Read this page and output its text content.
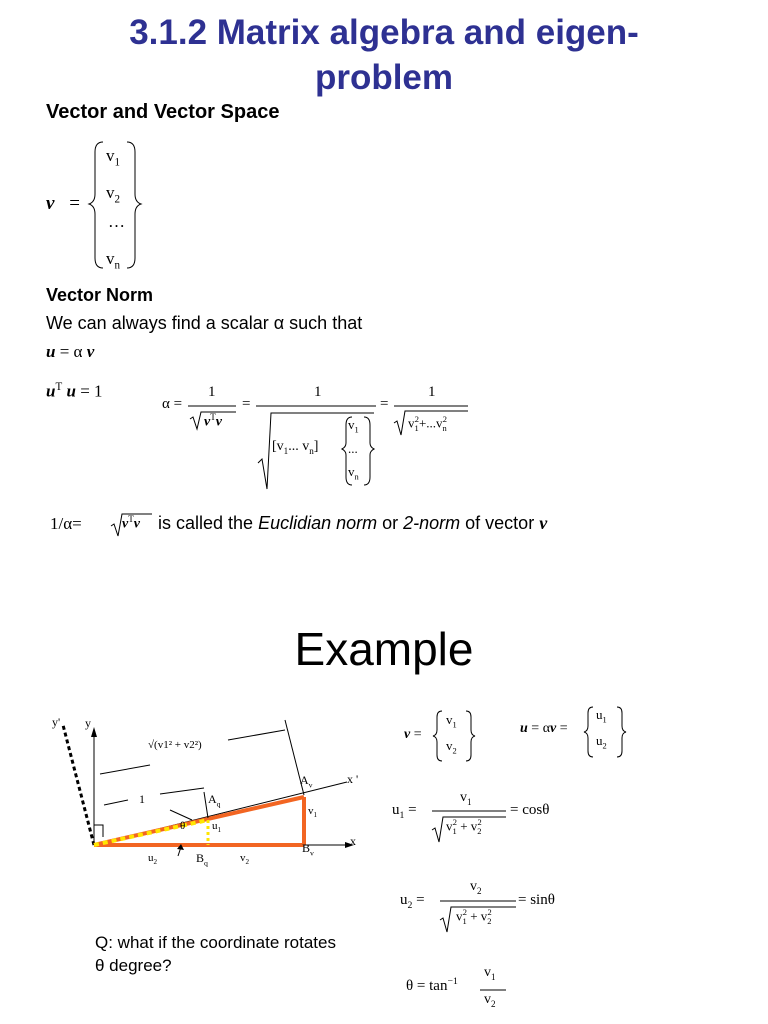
3.1.2 Matrix algebra and eigen-
problem
Vector and Vector Space
v =
$v_1$
$v_2$
…
$v_n$
Vector Norm
We can always find a scalar α such that
u = α v
$u^T$ u = 1
α =
1
$v^Tv$
=
1
[$v_1$... $v_n$]
$v_1$
...
$v_n$
=
1
$v_1^2+...v_n^2$
1/α=	$v^Tv$ is called the Euclidian norm or 2-norm of vector v
Example
y' y
x '
x
√(v1² + v2²)
1
θ
$A_q$
$A_v$
$B_q$
$B_v$
$u_1$
$u_2$
$v_1$
$v_2$
v =
$v_1$
$v_2$
u = αv =
$u_1$
$u_2$
$u_1$ =
$v_1$
$v_1^2 + v_2^2$
= cosθ
$u_2$ =
$v_2$
$v_1^2 + v_2^2$
= sinθ
$\theta = \tan^{-1}$
$v_1$
$v_2$
Q: what if the coordinate rotates
θ degree?
